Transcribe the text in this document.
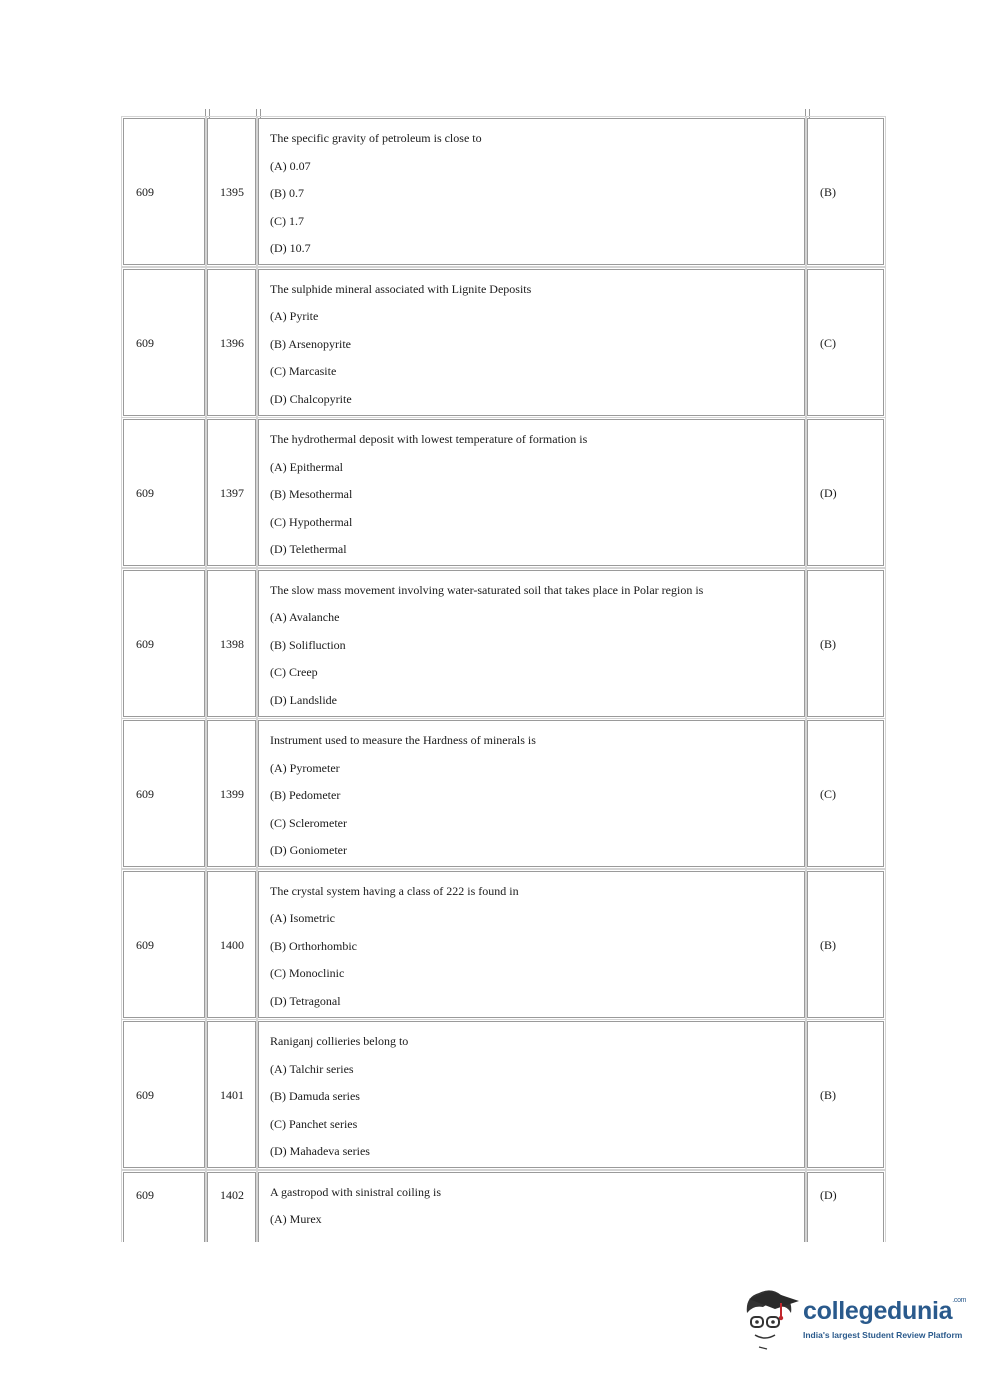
609	1395
The specific gravity of petroleum is close to
(A) 0.07
(B) 0.7
(C) 1.7
(D) 10.7
(B)
609	1396
The sulphide mineral associated with Lignite Deposits
(A) Pyrite
(B) Arsenopyrite
(C) Marcasite
(D) Chalcopyrite
(C)
609	1397
The hydrothermal deposit with lowest temperature of formation is
(A) Epithermal
(B) Mesothermal
(C) Hypothermal
(D) Telethermal
(D)
609	1398
The slow mass movement involving water-saturated soil that takes place in Polar region is
(A) Avalanche
(B) Solifluction
(C) Creep
(D) Landslide
(B)
609	1399
Instrument used to measure the Hardness of minerals is
(A) Pyrometer
(B) Pedometer
(C) Sclerometer
(D) Goniometer
(C)
609	1400
The crystal system having a class of 222 is found in
(A) Isometric
(B) Orthorhombic
(C) Monoclinic
(D) Tetragonal
(B)
609	1401
Raniganj collieries belong to
(A) Talchir series
(B) Damuda series
(C) Panchet series
(D) Mahadeva series
(B)
609	1402 A gastropod with sinistral coiling is
(A) Murex
(D)
collegedunia$^{.com}$
India's largest Student Review Platform
